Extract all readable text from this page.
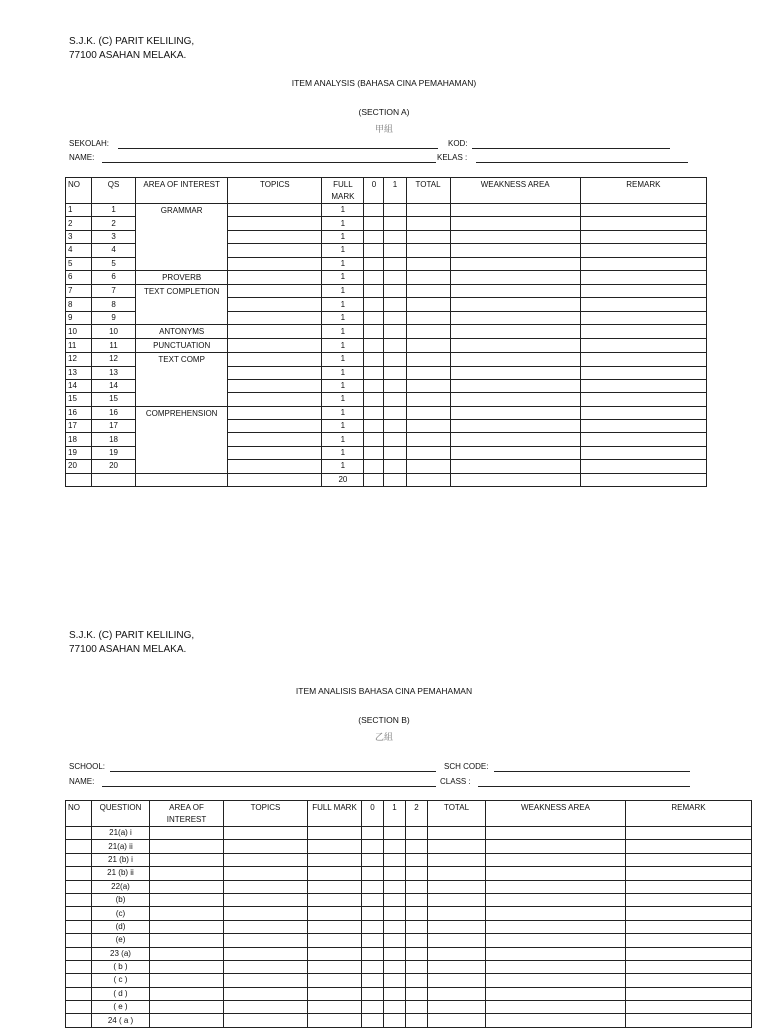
S.J.K. (C) PARIT KELILING,
77100 ASAHAN MELAKA.
ITEM ANALYSIS (BAHASA CINA PEMAHAMAN)
(SECTION A)
甲組
SEKOLAH:	KOD:
NAME:	KELAS :
NO	QS	AREA OF INTEREST	TOPICS	FULL MARK	0	1	TOTAL	WEAKNESS AREA	REMARK
1	1	GRAMMAR		1					
2	2			1					
3	3			1					
4	4			1					
5	5			1					
6	6	PROVERB		1					
7	7	TEXT COMPLETION		1					
8	8			1					
9	9			1					
10	10	ANTONYMS		1					
11	11	PUNCTUATION		1					
12	12	TEXT COMP		1					
13	13			1					
14	14			1					
15	15			1					
16	16	COMPREHENSION		1					
17	17			1					
18	18			1					
19	19			1					
20	20			1					
				20					
S.J.K. (C) PARIT KELILING,
77100 ASAHAN MELAKA.
ITEM ANALISIS BAHASA CINA PEMAHAMAN
(SECTION B)
乙組
SCHOOL:	SCH CODE:
NAME:	CLASS :
NO	QUESTION	AREA OF INTEREST	TOPICS	FULL MARK	0	1	2	TOTAL	WEAKNESS AREA	REMARK
	21(a) i									
	21(a) ii									
	21 (b) i									
	21 (b) ii									
	22(a)									
	(b)									
	(c)									
	(d)									
	(e)									
	23 (a)									
	( b )									
	( c )									
	( d )									
	( e )									
	24 ( a )									
